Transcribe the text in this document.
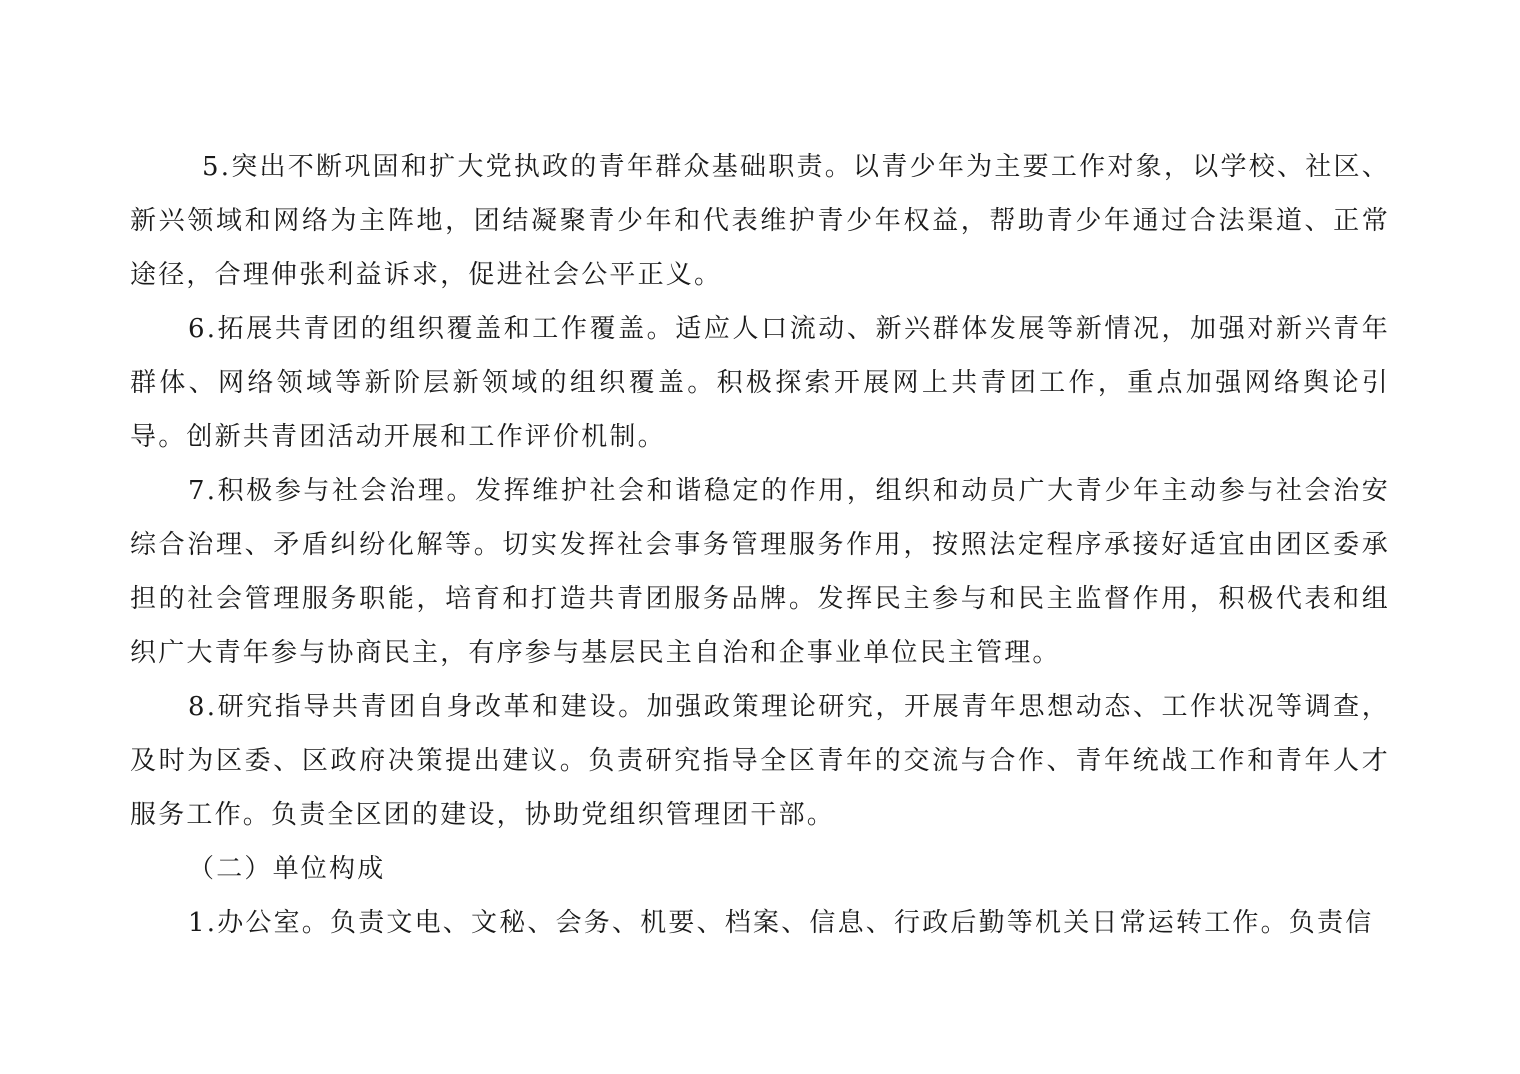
5.突出不断巩固和扩大党执政的青年群众基础职责。以青少年为主要工作对象，以学校、社区、新兴领域和网络为主阵地，团结凝聚青少年和代表维护青少年权益，帮助青少年通过合法渠道、正常途径，合理伸张利益诉求，促进社会公平正义。

6.拓展共青团的组织覆盖和工作覆盖。适应人口流动、新兴群体发展等新情况，加强对新兴青年群体、网络领域等新阶层新领域的组织覆盖。积极探索开展网上共青团工作，重点加强网络舆论引导。创新共青团活动开展和工作评价机制。

7.积极参与社会治理。发挥维护社会和谐稳定的作用，组织和动员广大青少年主动参与社会治安综合治理、矛盾纠纷化解等。切实发挥社会事务管理服务作用，按照法定程序承接好适宜由团区委承担的社会管理服务职能，培育和打造共青团服务品牌。发挥民主参与和民主监督作用，积极代表和组织广大青年参与协商民主，有序参与基层民主自治和企事业单位民主管理。

8.研究指导共青团自身改革和建设。加强政策理论研究，开展青年思想动态、工作状况等调查，及时为区委、区政府决策提出建议。负责研究指导全区青年的交流与合作、青年统战工作和青年人才服务工作。负责全区团的建设，协助党组织管理团干部。

（二）单位构成

1.办公室。负责文电、文秘、会务、机要、档案、信息、行政后勤等机关日常运转工作。负责信
